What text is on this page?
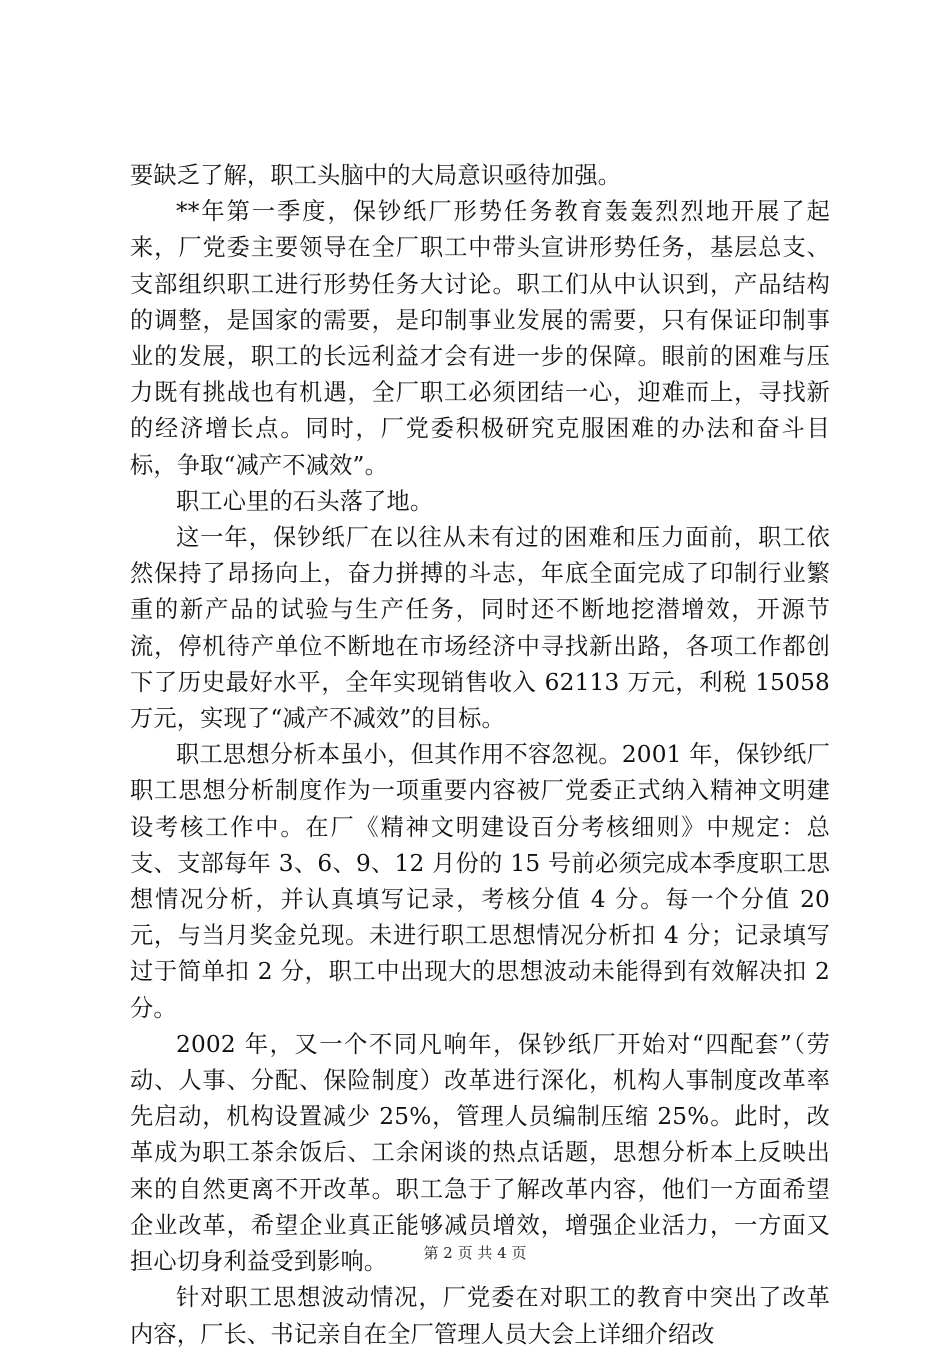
要缺乏了解，职工头脑中的大局意识亟待加强。

**年第一季度，保钞纸厂形势任务教育轰轰烈烈地开展了起来，厂党委主要领导在全厂职工中带头宣讲形势任务，基层总支、支部组织职工进行形势任务大讨论。职工们从中认识到，产品结构的调整，是国家的需要，是印制事业发展的需要，只有保证印制事业的发展，职工的长远利益才会有进一步的保障。眼前的困难与压力既有挑战也有机遇，全厂职工必须团结一心，迎难而上，寻找新的经济增长点。同时，厂党委积极研究克服困难的办法和奋斗目标，争取“减产不减效”。

职工心里的石头落了地。

这一年，保钞纸厂在以往从未有过的困难和压力面前，职工依然保持了昂扬向上，奋力拼搏的斗志，年底全面完成了印制行业繁重的新产品的试验与生产任务，同时还不断地挖潜增效，开源节流，停机待产单位不断地在市场经济中寻找新出路，各项工作都创下了历史最好水平，全年实现销售收入 62113 万元，利税 15058 万元，实现了“减产不减效”的目标。

职工思想分析本虽小，但其作用不容忽视。2001 年，保钞纸厂职工思想分析制度作为一项重要内容被厂党委正式纳入精神文明建设考核工作中。在厂《精神文明建设百分考核细则》中规定：总支、支部每年 3、6、9、12 月份的 15 号前必须完成本季度职工思想情况分析，并认真填写记录，考核分值 4 分。每一个分值 20 元，与当月奖金兑现。未进行职工思想情况分析扣 4 分；记录填写过于简单扣 2 分，职工中出现大的思想波动未能得到有效解决扣 2 分。

2002 年，又一个不同凡响年，保钞纸厂开始对“四配套”（劳动、人事、分配、保险制度）改革进行深化，机构人事制度改革率先启动，机构设置减少 25%，管理人员编制压缩 25%。此时，改革成为职工茶余饭后、工余闲谈的热点话题，思想分析本上反映出来的自然更离不开改革。职工急于了解改革内容，他们一方面希望企业改革，希望企业真正能够减员增效，增强企业活力，一方面又担心切身利益受到影响。

针对职工思想波动情况，厂党委在对职工的教育中突出了改革内容，厂长、书记亲自在全厂管理人员大会上详细介绍改

第 2 页 共 4 页
